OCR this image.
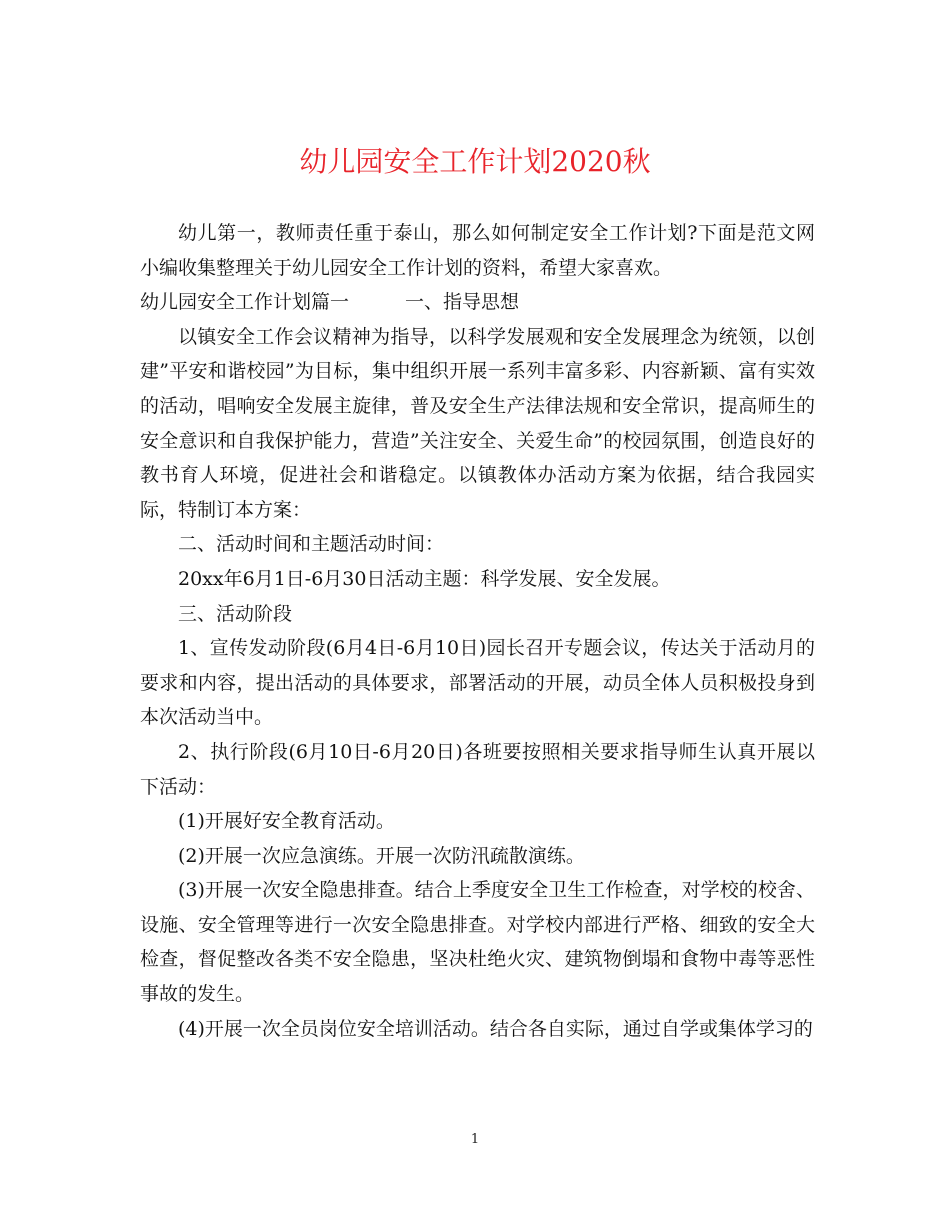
幼儿园安全工作计划2020秋

幼儿第一，教师责任重于泰山，那么如何制定安全工作计划?下面是范文网小编收集整理关于幼儿园安全工作计划的资料，希望大家喜欢。

幼儿园安全工作计划篇一	一、指导思想

以镇安全工作会议精神为指导，以科学发展观和安全发展理念为统领，以创建”平安和谐校园”为目标，集中组织开展一系列丰富多彩、内容新颖、富有实效的活动，唱响安全发展主旋律，普及安全生产法律法规和安全常识，提高师生的安全意识和自我保护能力，营造”关注安全、关爱生命”的校园氛围，创造良好的教书育人环境，促进社会和谐稳定。以镇教体办活动方案为依据，结合我园实际，特制订本方案：

二、活动时间和主题活动时间：

20xx年6月1日-6月30日活动主题：科学发展、安全发展。

三、活动阶段

1、宣传发动阶段(6月4日-6月10日)园长召开专题会议，传达关于活动月的要求和内容，提出活动的具体要求，部署活动的开展，动员全体人员积极投身到本次活动当中。

2、执行阶段(6月10日-6月20日)各班要按照相关要求指导师生认真开展以下活动：

(1)开展好安全教育活动。

(2)开展一次应急演练。开展一次防汛疏散演练。

(3)开展一次安全隐患排查。结合上季度安全卫生工作检查，对学校的校舍、设施、安全管理等进行一次安全隐患排查。对学校内部进行严格、细致的安全大检查，督促整改各类不安全隐患，坚决杜绝火灾、建筑物倒塌和食物中毒等恶性事故的发生。

(4)开展一次全员岗位安全培训活动。结合各自实际，通过自学或集体学习的

1
